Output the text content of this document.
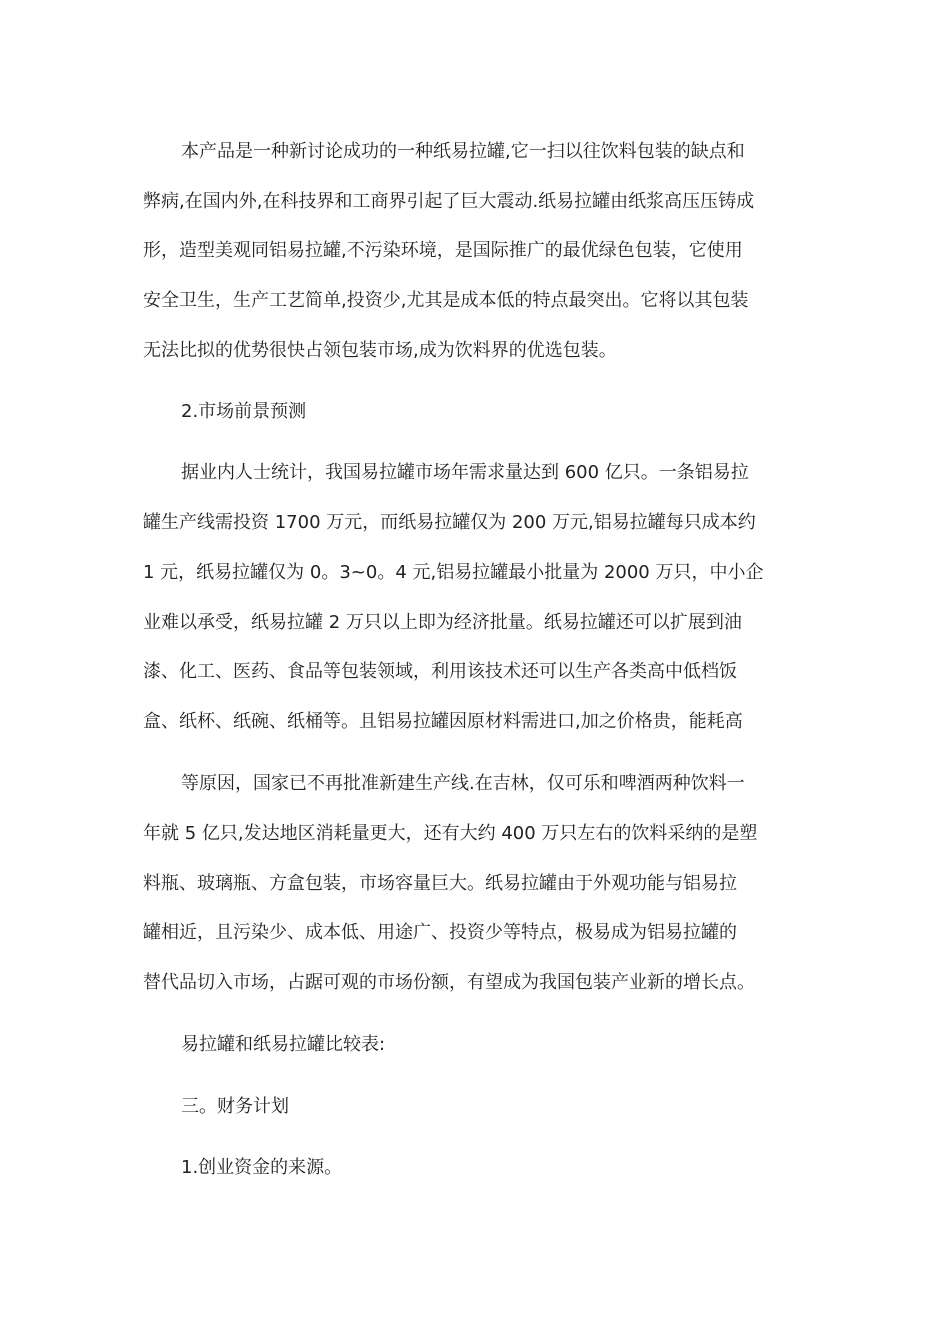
本产品是一种新讨论成功的一种纸易拉罐,它一扫以往饮料包装的缺点和
弊病,在国内外,在科技界和工商界引起了巨大震动.纸易拉罐由纸浆高压压铸成
形，造型美观同铝易拉罐,不污染环境，是国际推广的最优绿色包装，它使用
安全卫生，生产工艺简单,投资少,尤其是成本低的特点最突出。它将以其包装
无法比拟的优势很快占领包装市场,成为饮料界的优选包装。
2.市场前景预测
据业内人士统计，我国易拉罐市场年需求量达到 600 亿只。一条铝易拉
罐生产线需投资 1700 万元，而纸易拉罐仅为 200 万元,铝易拉罐每只成本约
1 元，纸易拉罐仅为 0。3~0。4 元,铝易拉罐最小批量为 2000 万只，中小企
业难以承受，纸易拉罐 2 万只以上即为经济批量。纸易拉罐还可以扩展到油
漆、化工、医药、食品等包装领域，利用该技术还可以生产各类高中低档饭
盒、纸杯、纸碗、纸桶等。且铝易拉罐因原材料需进口,加之价格贵，能耗高
等原因，国家已不再批准新建生产线.在吉林，仅可乐和啤酒两种饮料一
年就 5 亿只,发达地区消耗量更大，还有大约 400 万只左右的饮料采纳的是塑
料瓶、玻璃瓶、方盒包装，市场容量巨大。纸易拉罐由于外观功能与铝易拉
罐相近，且污染少、成本低、用途广、投资少等特点，极易成为铝易拉罐的
替代品切入市场，占踞可观的市场份额，有望成为我国包装产业新的增长点。
易拉罐和纸易拉罐比较表:
三。财务计划
1.创业资金的来源。
